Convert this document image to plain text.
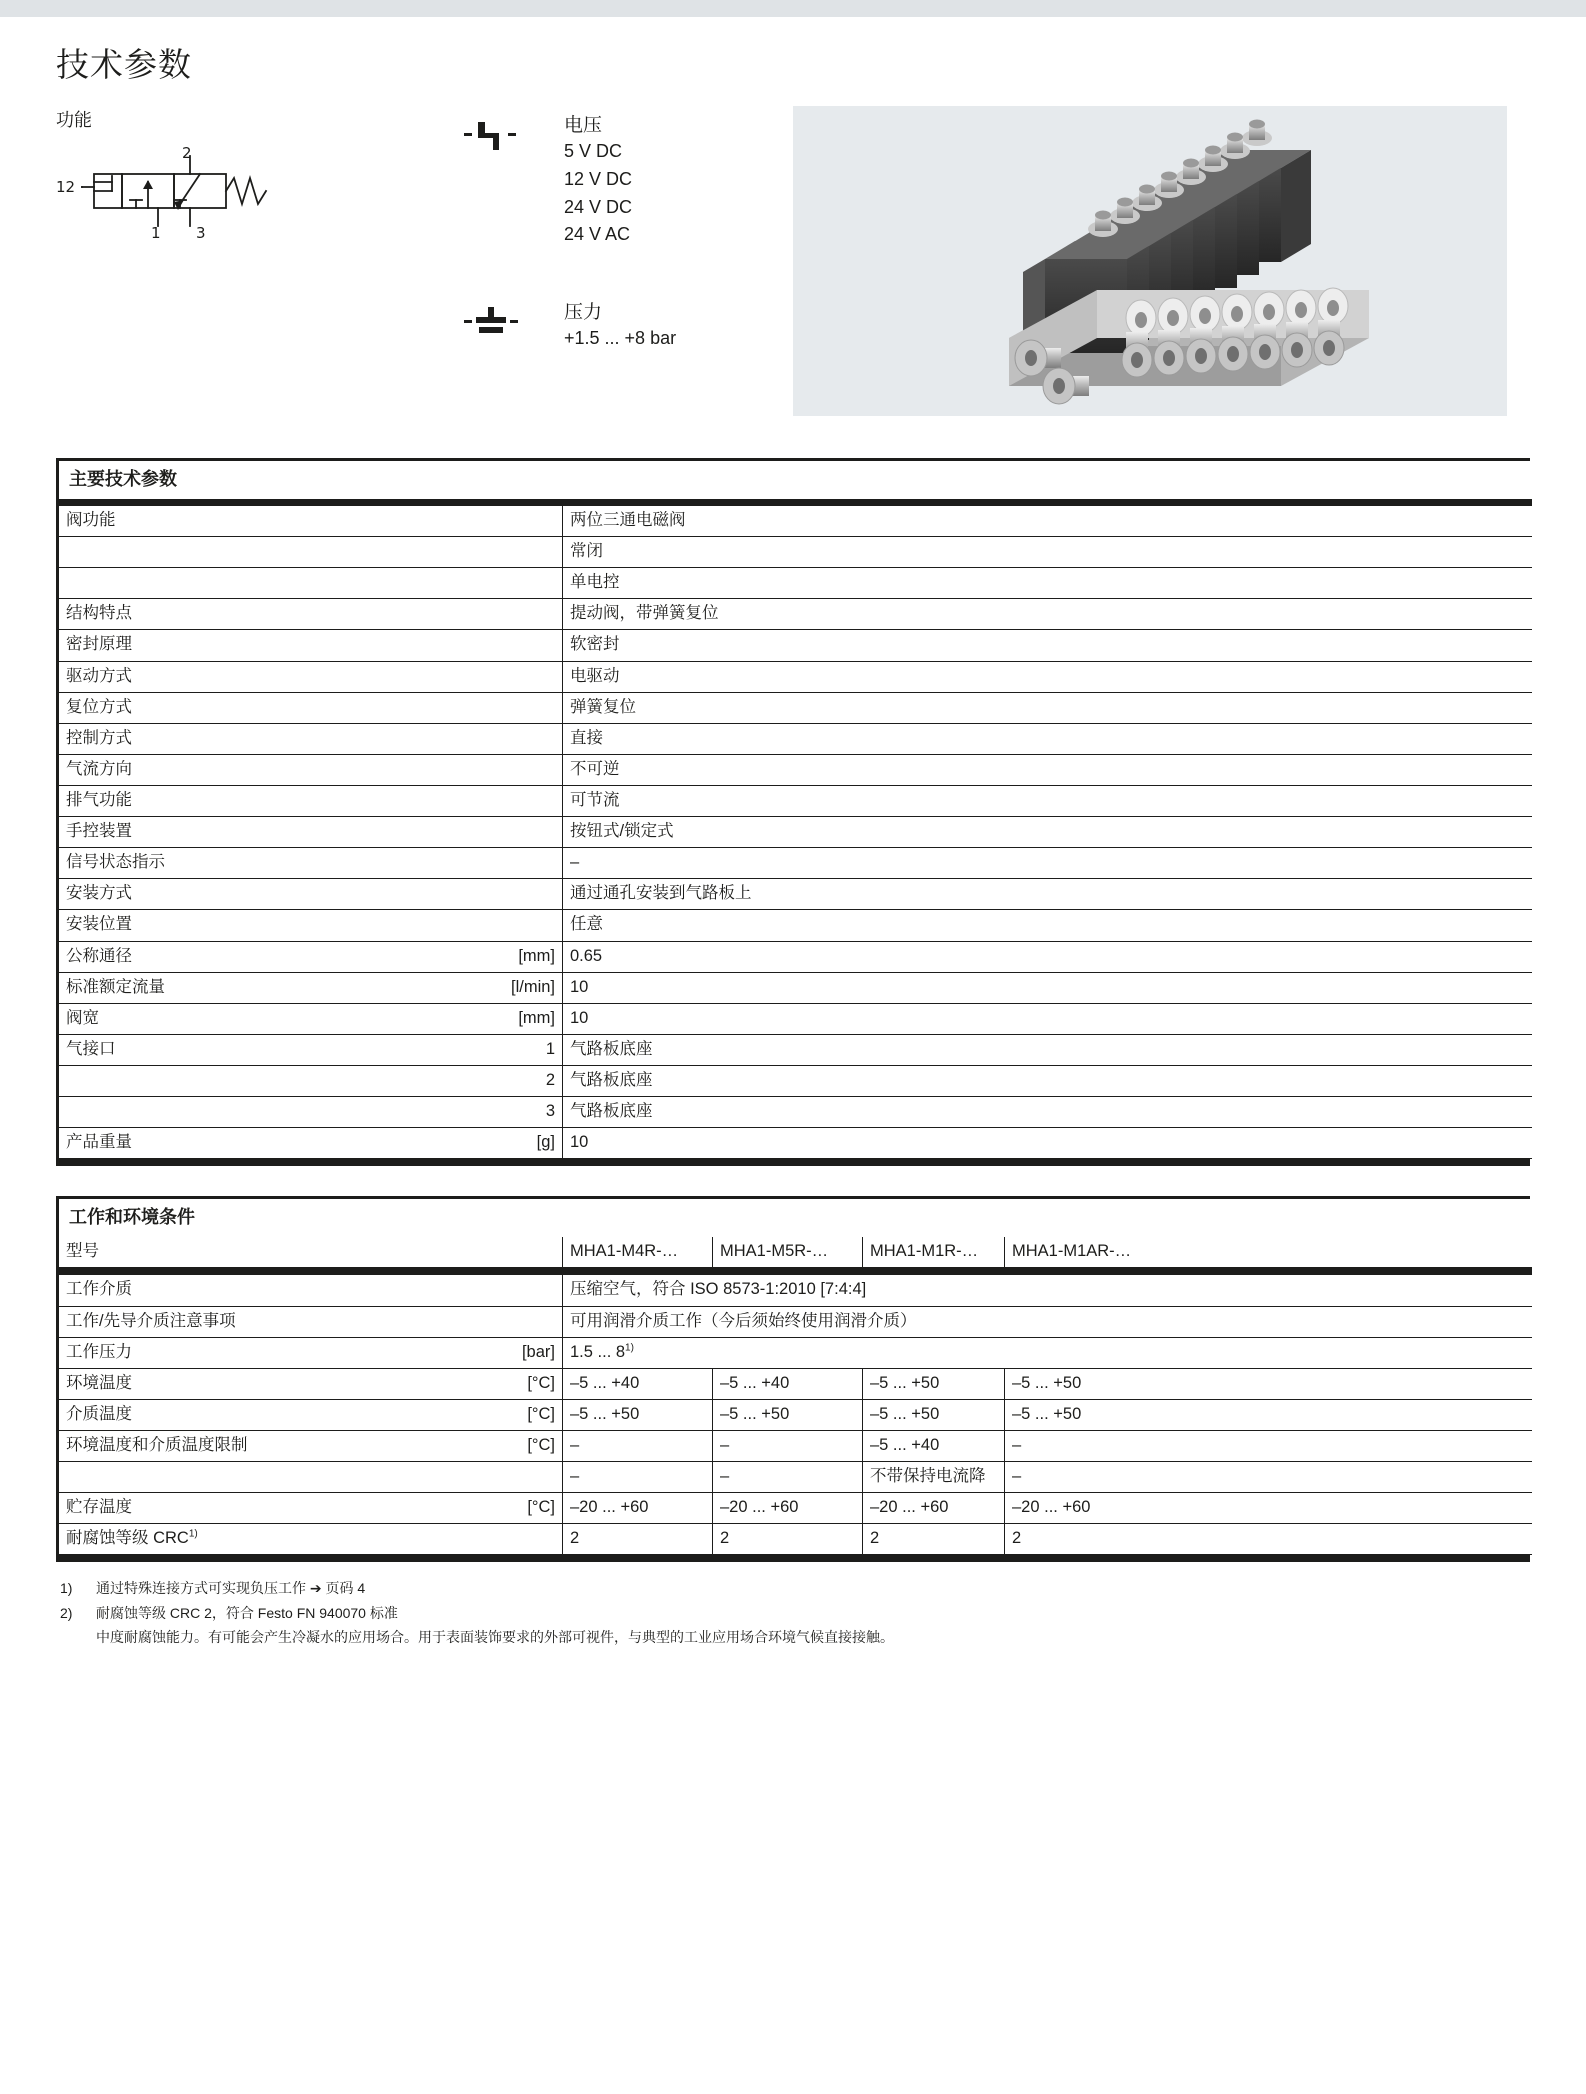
技术参数
功能
12
2
1 3
电压
5 V DC
12 V DC
24 V DC
24 V AC
压力
+1.5 ... +8 bar
主要技术参数

阀功能		两位三通电磁阀
		常闭
		单电控
结构特点		提动阀，带弹簧复位
密封原理		软密封
驱动方式		电驱动
复位方式		弹簧复位
控制方式		直接
气流方向		不可逆
排气功能		可节流
手控装置		按钮式/锁定式
信号状态指示		–
安装方式		通过通孔安装到气路板上
安装位置		任意
公称通径	[mm]	0.65
标准额定流量	[l/min]	10
阀宽	[mm]	10
气接口	1	气路板底座
	2	气路板底座
	3	气路板底座
产品重量	[g]	10
工作和环境条件
型号		MHA1-M4R-…	MHA1-M5R-…	MHA1-M1R-…	MHA1-M1AR-…

工作介质		压缩空气，符合 ISO 8573-1:2010 [7:4:4]			
工作/先导介质注意事项		可用润滑介质工作（今后须始终使用润滑介质）			
工作压力	[bar]	1.5 ... 8$^{1)}$
环境温度	[°C]	–5 ... +40	–5 ... +40	–5 ... +50	–5 ... +50
介质温度	[°C]	–5 ... +50	–5 ... +50	–5 ... +50	–5 ... +50
环境温度和介质温度限制	[°C]	–	–	–5 ... +40	–
		–	–	不带保持电流降	–
贮存温度	[°C]	–20 ... +60	–20 ... +60	–20 ... +60	–20 ... +60
耐腐蚀等级 CRC$^{1)}$		2	2	2	2
1) 通过特殊连接方式可实现负压工作 ➔ 页码 4
2) 耐腐蚀等级 CRC 2，符合 Festo FN 940070 标准
中度耐腐蚀能力。有可能会产生冷凝水的应用场合。用于表面装饰要求的外部可视件，与典型的工业应用场合环境气候直接接触。
